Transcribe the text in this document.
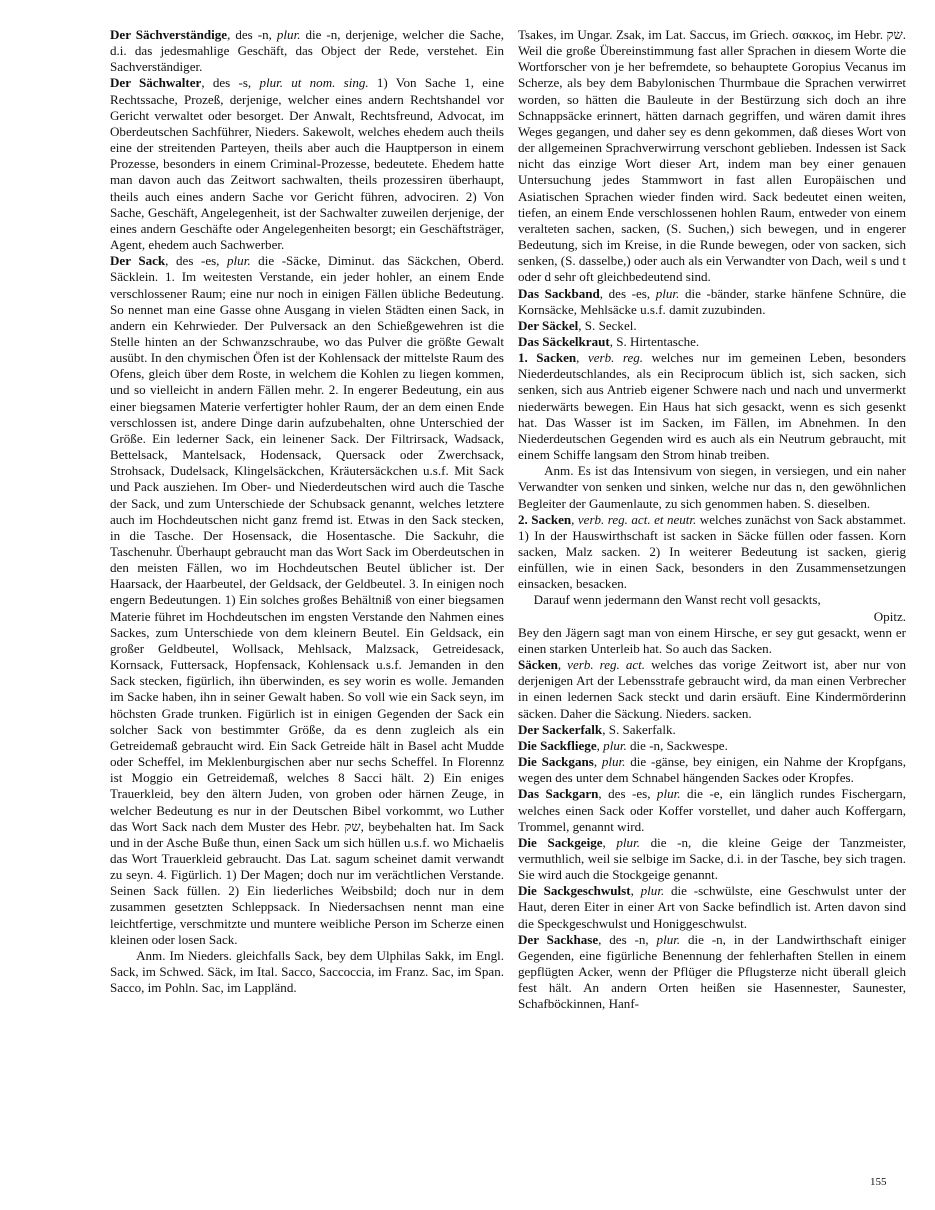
Der Sächverständige, des -n, plur. die -n, derjenige, welcher die Sache, d.i. das jedesmahlige Geschäft, das Object der Rede, verstehet. Ein Sachverständiger.

Der Sächwalter, des -s, plur. ut nom. sing. 1) Von Sache 1, eine Rechtssache, Prozeß, derjenige, welcher eines andern Rechtshandel vor Gericht verwaltet oder besorget. Der Anwalt, Rechtsfreund, Advocat, im Oberdeutschen Sachführer, Nieders. Sakewolt, welches ehedem auch theils eine der streitenden Parteyen, theils aber auch die Hauptperson in einem Prozesse, besonders in einem Criminal-Prozesse, bedeutete. Ehedem hatte man davon auch das Zeitwort sachwalten, theils prozessiren überhaupt, theils auch eines andern Sache vor Gericht führen, advociren. 2) Von Sache, Geschäft, Angelegenheit, ist der Sachwalter zuweilen derjenige, der eines andern Geschäfte oder Angelegenheiten besorgt; ein Geschäftsträger, Agent, ehedem auch Sachwerber.

Der Sack, des -es, plur. die -Säcke, Diminut. das Säckchen, Oberd. Säcklein. 1. Im weitesten Verstande, ein jeder hohler, an einem Ende verschlossener Raum; eine nur noch in einigen Fällen übliche Bedeutung. So nennet man eine Gasse ohne Ausgang in vielen Städten einen Sack, in andern ein Kehrwieder. Der Pulversack an den Schießgewehren ist die Stelle hinten an der Schwanzschraube, wo das Pulver die größte Gewalt ausübt. In den chymischen Öfen ist der Kohlensack der mittelste Raum des Ofens, gleich über dem Roste, in welchem die Kohlen zu liegen kommen, und so vielleicht in andern Fällen mehr. 2. In engerer Bedeutung, ein aus einer biegsamen Materie verfertigter hohler Raum, der an dem einen Ende verschlossen ist, andere Dinge darin aufzubehalten, ohne Unterschied der Größe. Ein lederner Sack, ein leinener Sack. Der Filtrirsack, Wadsack, Bettelsack, Mantelsack, Hodensack, Quersack oder Zwerchsack, Strohsack, Dudelsack, Klingelsäckchen, Kräutersäckchen u.s.f. Mit Sack und Pack ausziehen. Im Ober- und Niederdeutschen wird auch die Tasche der Sack, und zum Unterschiede der Schubsack genannt, welches letztere auch im Hochdeutschen nicht ganz fremd ist. Etwas in den Sack stecken, in die Tasche. Der Hosensack, die Hosentasche. Die Sackuhr, die Taschenuhr. Überhaupt gebraucht man das Wort Sack im Oberdeutschen in den meisten Fällen, wo im Hochdeutschen Beutel üblicher ist. Der Haarsack, der Haarbeutel, der Geldsack, der Geldbeutel. 3. In einigen noch engern Bedeutungen. 1) Ein solches großes Behältniß von einer biegsamen Materie führet im Hochdeutschen im engsten Verstande den Nahmen eines Sackes, zum Unterschiede von dem kleinern Beutel. Ein Geldsack, ein großer Geldbeutel, Wollsack, Mehlsack, Malzsack, Getreidesack, Kornsack, Futtersack, Hopfensack, Kohlensack u.s.f. Jemanden in den Sack stecken, figürlich, ihn überwinden, es sey worin es wolle. Jemanden im Sacke haben, ihn in seiner Gewalt haben. So voll wie ein Sack seyn, im höchsten Grade trunken. Figürlich ist in einigen Gegenden der Sack ein solcher Sack von bestimmter Größe, da es denn zugleich als ein Getreidemaß gebraucht wird. Ein Sack Getreide hält in Basel acht Mudde oder Scheffel, im Meklenburgischen aber nur sechs Scheffel. In Florennz ist Moggio ein Getreidemaß, welches 8 Sacci hält. 2) Ein eniges Trauerkleid, bey den ältern Juden, von groben oder härnen Zeuge, in welcher Bedeutung es nur in der Deutschen Bibel vorkommt, wo Luther das Wort Sack nach dem Muster des Hebr. שק, beybehalten hat. Im Sack und in der Asche Buße thun, einen Sack um sich hüllen u.s.f. wo Michaelis das Wort Trauerkleid gebraucht. Das Lat. sagum scheinet damit verwandt zu seyn. 4. Figürlich. 1) Der Magen; doch nur im verächtlichen Verstande. Seinen Sack füllen. 2) Ein liederliches Weibsbild; doch nur in dem zusammen gesetzten Schleppsack. In Niedersachsen nennt man eine leichtfertige, verschmitzte und muntere weibliche Person im Scherze einen kleinen oder losen Sack.

Anm. Im Nieders. gleichfalls Sack, bey dem Ulphilas Sakk, im Engl. Sack, im Schwed. Säck, im Ital. Sacco, Saccoccia, im Franz. Sac, im Span. Sacco, im Pohln. Sac, im Lappländ.

Tsakes, im Ungar. Zsak, im Lat. Saccus, im Griech. σακκος, im Hebr. שק. Weil die große Übereinstimmung fast aller Sprachen in diesem Worte die Wortforscher von je her befremdete, so behauptete Goropius Vecanus im Scherze, als bey dem Babylonischen Thurmbaue die Sprachen verwirret worden, so hätten die Bauleute in der Bestürzung sich doch an ihre Schnappsäcke erinnert, hätten darnach gegriffen, und wären damit ihres Weges gegangen, und daher sey es denn gekommen, daß dieses Wort von der allgemeinen Sprachverwirrung verschont geblieben. Indessen ist Sack nicht das einzige Wort dieser Art, indem man bey einer genauen Untersuchung jedes Stammwort in fast allen Europäischen und Asiatischen Sprachen wieder finden wird. Sack bedeutet einen weiten, tiefen, an einem Ende verschlossenen hohlen Raum, entweder von einem veralteten sachen, sacken, (S. Suchen,) sich bewegen, und in engerer Bedeutung, sich im Kreise, in die Runde bewegen, oder von sacken, sich senken, (S. dasselbe,) oder auch als ein Verwandter von Dach, weil s und t oder d sehr oft gleichbedeutend sind.

Das Sackband, des -es, plur. die -bänder, starke hänfene Schnüre, die Kornsäcke, Mehlsäcke u.s.f. damit zuzubinden.

Der Säckel, S. Seckel.

Das Säckelkraut, S. Hirtentasche.

1. Sacken, verb. reg. welches nur im gemeinen Leben, besonders Niederdeutschlandes, als ein Reciprocum üblich ist, sich sacken, sich senken, sich aus Antrieb eigener Schwere nach und nach und unvermerkt niederwärts bewegen. Ein Haus hat sich gesackt, wenn es sich gesenkt hat. Das Wasser ist im Sacken, im Fällen, im Abnehmen. In den Niederdeutschen Gegenden wird es auch als ein Neutrum gebraucht, mit einem Schiffe langsam den Strom hinab treiben.

Anm. Es ist das Intensivum von siegen, in versiegen, und ein naher Verwandter von senken und sinken, welche nur das n, den gewöhnlichen Begleiter der Gaumenlaute, zu sich genommen haben. S. dieselben.

2. Sacken, verb. reg. act. et neutr. welches zunächst von Sack abstammet. 1) In der Hauswirthschaft ist sacken in Säcke füllen oder fassen. Korn sacken, Malz sacken. 2) In weiterer Bedeutung ist sacken, gierig einfüllen, wie in einen Sack, besonders in den Zusammensetzungen einsacken, besacken.

Darauf wenn jedermann den Wanst recht voll gesackts,

Opitz.

Bey den Jägern sagt man von einem Hirsche, er sey gut gesackt, wenn er einen starken Unterleib hat. So auch das Sacken.

Säcken, verb. reg. act. welches das vorige Zeitwort ist, aber nur von derjenigen Art der Lebensstrafe gebraucht wird, da man einen Verbrecher in einen ledernen Sack steckt und darin ersäuft. Eine Kindermörderinn säcken. Daher die Säckung. Nieders. sacken.

Der Sackerfalk, S. Sakerfalk.

Die Sackfliege, plur. die -n, Sackwespe.

Die Sackgans, plur. die -gänse, bey einigen, ein Nahme der Kropfgans, wegen des unter dem Schnabel hängenden Sackes oder Kropfes.

Das Sackgarn, des -es, plur. die -e, ein länglich rundes Fischergarn, welches einen Sack oder Koffer vorstellet, und daher auch Koffergarn, Trommel, genannt wird.

Die Sackgeige, plur. die -n, die kleine Geige der Tanzmeister, vermuthlich, weil sie selbige im Sacke, d.i. in der Tasche, bey sich tragen. Sie wird auch die Stockgeige genannt.

Die Sackgeschwulst, plur. die -schwülste, eine Geschwulst unter der Haut, deren Eiter in einer Art von Sacke befindlich ist. Arten davon sind die Speckgeschwulst und Honiggeschwulst.

Der Sackhase, des -n, plur. die -n, in der Landwirthschaft einiger Gegenden, eine figürliche Benennung der fehlerhaften Stellen in einem gepflügten Acker, wenn der Pflüger die Pflugsterze nicht überall gleich fest hält. An andern Orten heißen sie Hasennester, Saunester, Schafböckinnen, Hanf-

155
